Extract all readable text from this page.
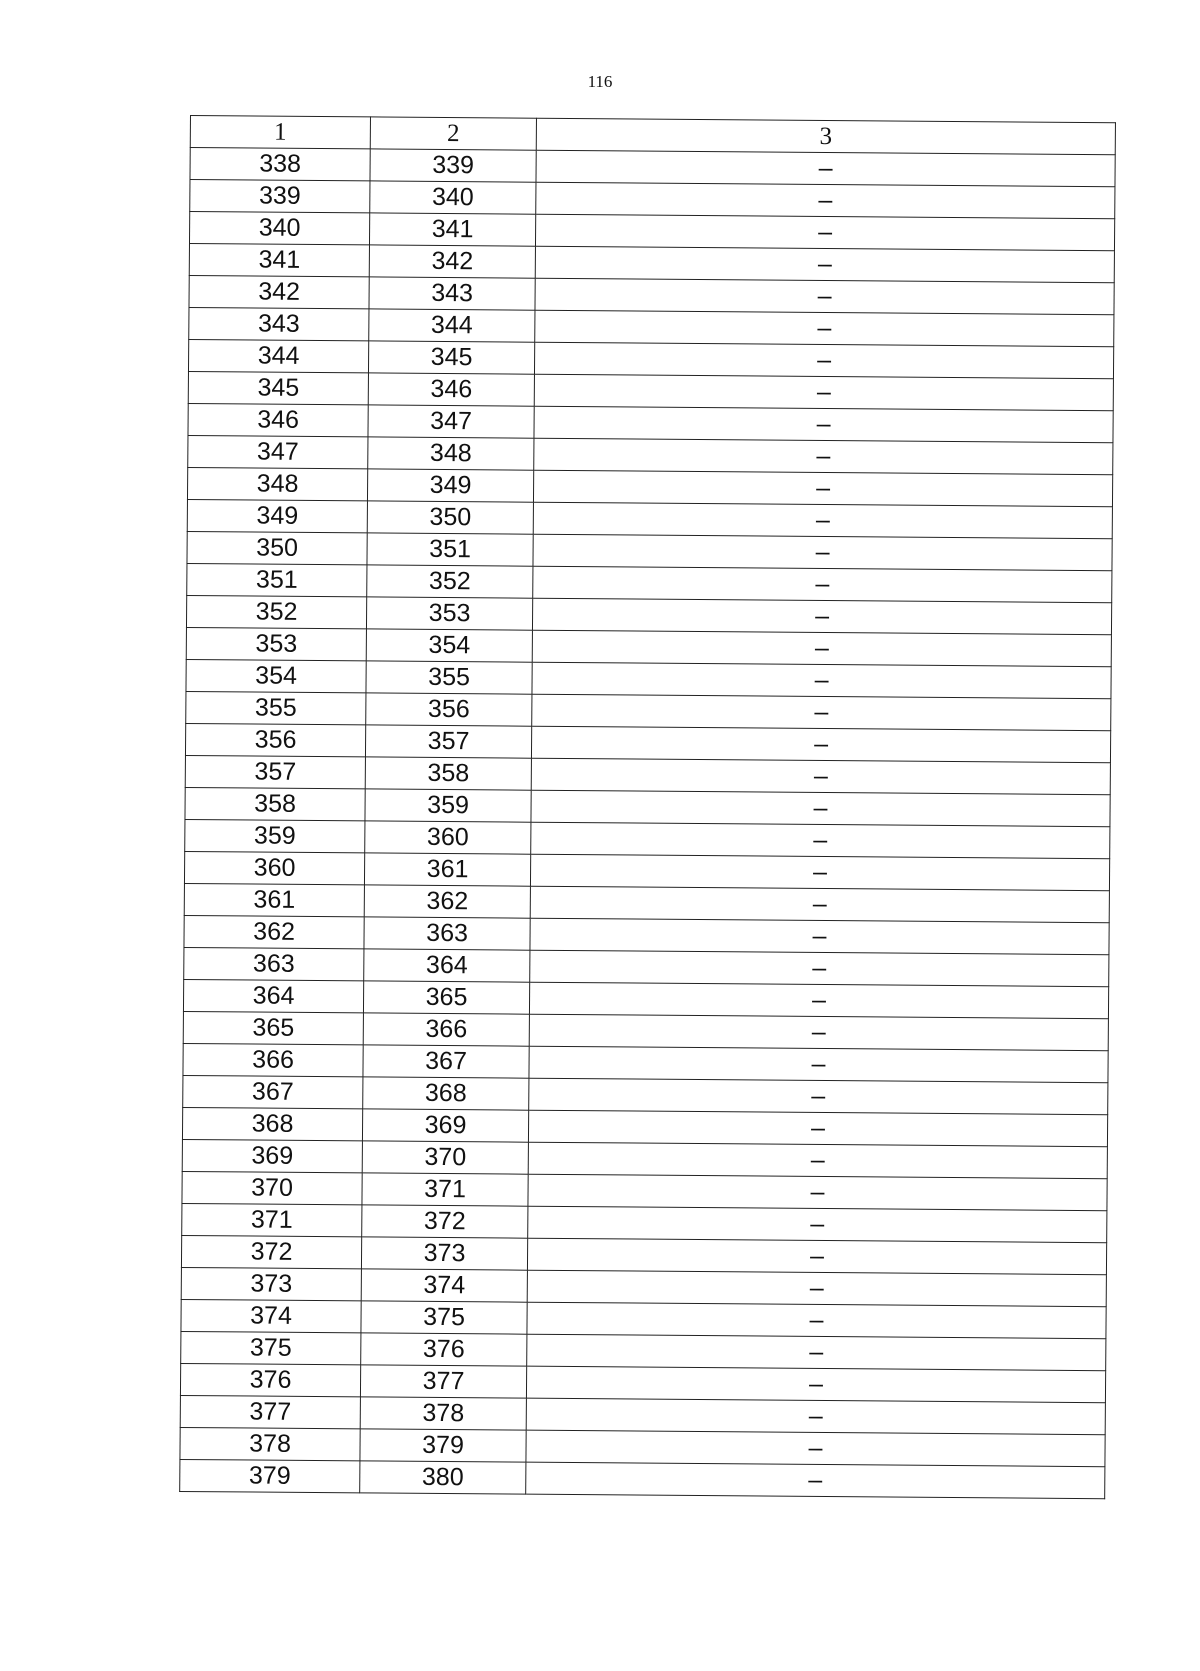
116
1	2	3
338	339	–
339	340	–
340	341	–
341	342	–
342	343	–
343	344	–
344	345	–
345	346	–
346	347	–
347	348	–
348	349	–
349	350	–
350	351	–
351	352	–
352	353	–
353	354	–
354	355	–
355	356	–
356	357	–
357	358	–
358	359	–
359	360	–
360	361	–
361	362	–
362	363	–
363	364	–
364	365	–
365	366	–
366	367	–
367	368	–
368	369	–
369	370	–
370	371	–
371	372	–
372	373	–
373	374	–
374	375	–
375	376	–
376	377	–
377	378	–
378	379	–
379	380	–
